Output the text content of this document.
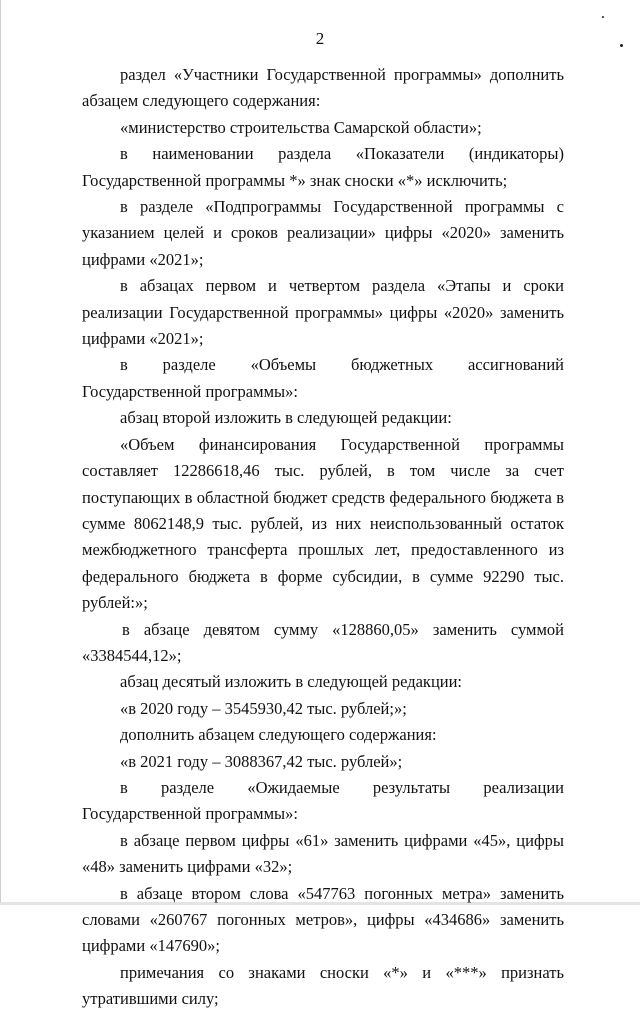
2

раздел «Участники Государственной программы» дополнить абзацем следующего содержания:

«министерство строительства Самарской области»;

в наименовании раздела «Показатели (индикаторы) Государственной программы *» знак сноски «*» исключить;

в разделе «Подпрограммы Государственной программы с указанием целей и сроков реализации» цифры «2020» заменить цифрами «2021»;

в абзацах первом и четвертом раздела «Этапы и сроки реализации Государственной программы» цифры «2020» заменить цифрами «2021»;

в разделе «Объемы бюджетных ассигнований Государственной программы»:

абзац второй изложить в следующей редакции:

«Объем финансирования Государственной программы составляет 12286618,46 тыс. рублей, в том числе за счет поступающих в областной бюджет средств федерального бюджета в сумме 8062148,9 тыс. рублей, из них неиспользованный остаток межбюджетного трансферта прошлых лет, предоставленного из федерального бюджета в форме субсидии, в сумме 92290 тыс. рублей:»;

в абзаце девятом сумму «128860,05» заменить суммой «3384544,12»;

абзац десятый изложить в следующей редакции:

«в 2020 году – 3545930,42 тыс. рублей;»;

дополнить абзацем следующего содержания:

«в 2021 году – 3088367,42 тыс. рублей»;

в разделе «Ожидаемые результаты реализации Государственной программы»:

в абзаце первом цифры «61» заменить цифрами «45», цифры «48» заменить цифрами «32»;

в абзаце втором слова «547763 погонных метра» заменить словами «260767 погонных метров», цифры «434686» заменить цифрами «147690»;

примечания со знаками сноски «*» и «***» признать утратившими силу;
